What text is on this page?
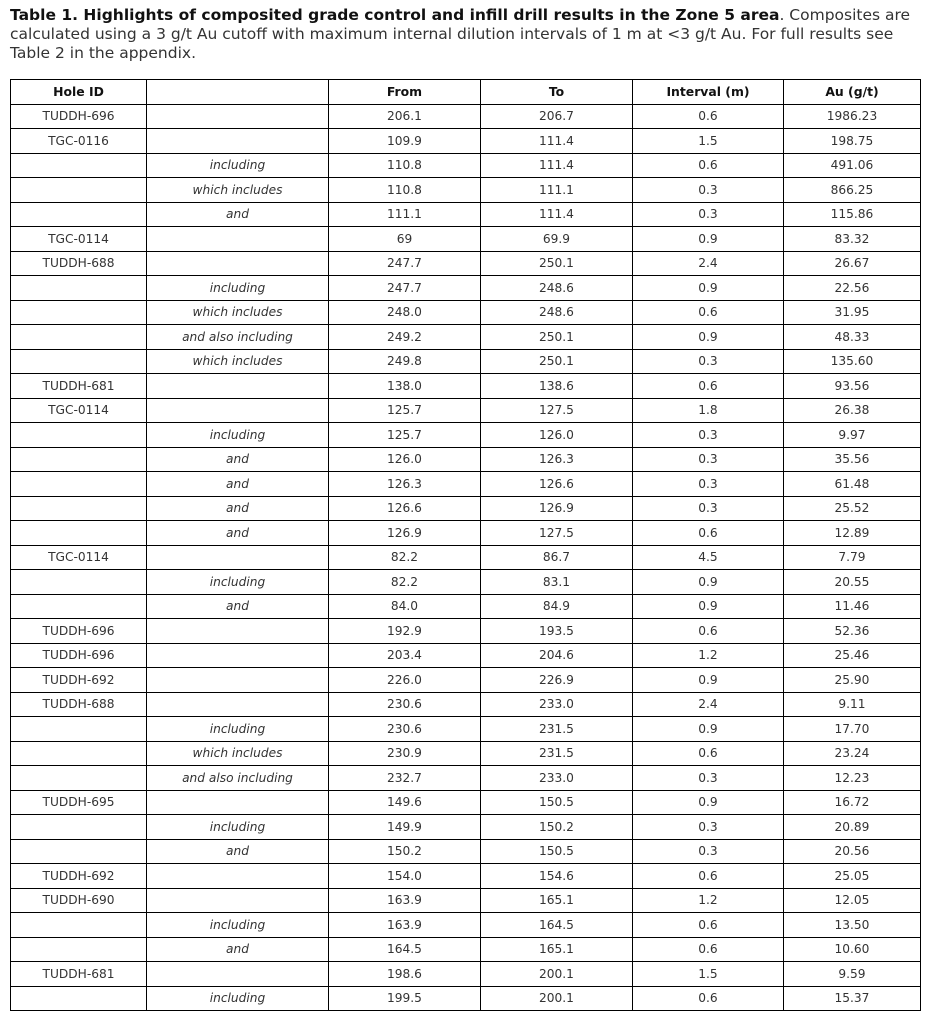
Table 1. Highlights of composited grade control and infill drill results in the Zone 5 area. Composites are calculated using a 3 g/t Au cutoff with maximum internal dilution intervals of 1 m at <3 g/t Au. For full results see Table 2 in the appendix.
Hole ID		From	To	Interval (m)	Au (g/t)
TUDDH-696		206.1	206.7	0.6	1986.23
TGC-0116		109.9	111.4	1.5	198.75
	including	110.8	111.4	0.6	491.06
	which includes	110.8	111.1	0.3	866.25
	and	111.1	111.4	0.3	115.86
TGC-0114		69	69.9	0.9	83.32
TUDDH-688		247.7	250.1	2.4	26.67
	including	247.7	248.6	0.9	22.56
	which includes	248.0	248.6	0.6	31.95
	and also including	249.2	250.1	0.9	48.33
	which includes	249.8	250.1	0.3	135.60
TUDDH-681		138.0	138.6	0.6	93.56
TGC-0114		125.7	127.5	1.8	26.38
	including	125.7	126.0	0.3	9.97
	and	126.0	126.3	0.3	35.56
	and	126.3	126.6	0.3	61.48
	and	126.6	126.9	0.3	25.52
	and	126.9	127.5	0.6	12.89
TGC-0114		82.2	86.7	4.5	7.79
	including	82.2	83.1	0.9	20.55
	and	84.0	84.9	0.9	11.46
TUDDH-696		192.9	193.5	0.6	52.36
TUDDH-696		203.4	204.6	1.2	25.46
TUDDH-692		226.0	226.9	0.9	25.90
TUDDH-688		230.6	233.0	2.4	9.11
	including	230.6	231.5	0.9	17.70
	which includes	230.9	231.5	0.6	23.24
	and also including	232.7	233.0	0.3	12.23
TUDDH-695		149.6	150.5	0.9	16.72
	including	149.9	150.2	0.3	20.89
	and	150.2	150.5	0.3	20.56
TUDDH-692		154.0	154.6	0.6	25.05
TUDDH-690		163.9	165.1	1.2	12.05
	including	163.9	164.5	0.6	13.50
	and	164.5	165.1	0.6	10.60
TUDDH-681		198.6	200.1	1.5	9.59
	including	199.5	200.1	0.6	15.37
